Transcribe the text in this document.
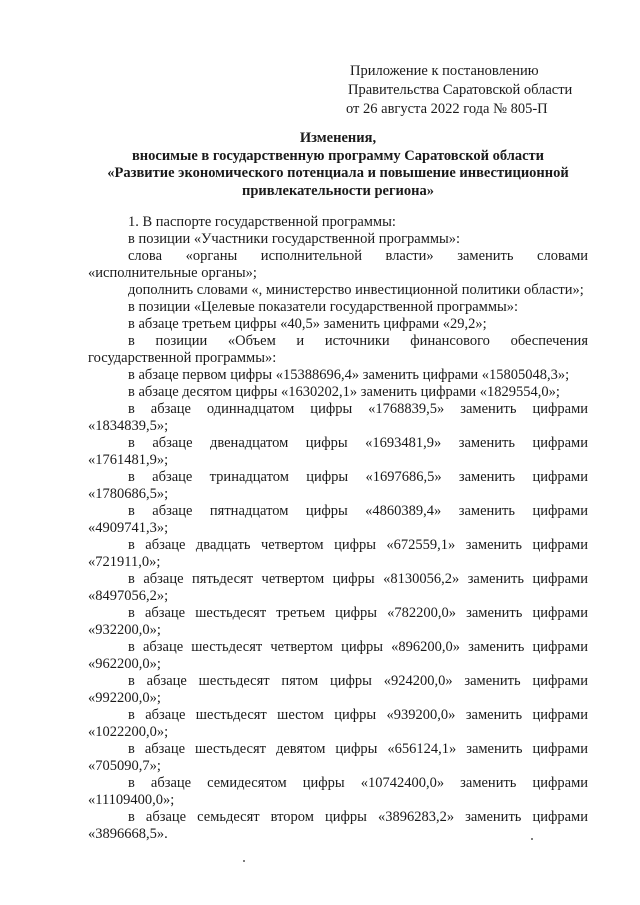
Приложение к постановлению
Правительства Саратовской области
от 26 августа 2022 года № 805-П
Изменения,
вносимые в государственную программу Саратовской области
«Развитие экономического потенциала и повышение инвестиционной
привлекательности региона»

1. В паспорте государственной программы:

в позиции «Участники государственной программы»:

слова «органы исполнительной власти» заменить словами «исполнительные органы»;

дополнить словами «, министерство инвестиционной политики области»;

в позиции «Целевые показатели государственной программы»:

в абзаце третьем цифры «40,5» заменить цифрами «29,2»;

в позиции «Объем и источники финансового обеспечения государственной программы»:

в абзаце первом цифры «15388696,4» заменить цифрами «15805048,3»;

в абзаце десятом цифры «1630202,1» заменить цифрами «1829554,0»;

в абзаце одиннадцатом цифры «1768839,5» заменить цифрами «1834839,5»;

в абзаце двенадцатом цифры «1693481,9» заменить цифрами «1761481,9»;

в абзаце тринадцатом цифры «1697686,5» заменить цифрами «1780686,5»;

в абзаце пятнадцатом цифры «4860389,4» заменить цифрами «4909741,3»;

в абзаце двадцать четвертом цифры «672559,1» заменить цифрами «721911,0»;

в абзаце пятьдесят четвертом цифры «8130056,2» заменить цифрами «8497056,2»;

в абзаце шестьдесят третьем цифры «782200,0» заменить цифрами «932200,0»;

в абзаце шестьдесят четвертом цифры «896200,0» заменить цифрами «962200,0»;

в абзаце шестьдесят пятом цифры «924200,0» заменить цифрами «992200,0»;

в абзаце шестьдесят шестом цифры «939200,0» заменить цифрами «1022200,0»;

в абзаце шестьдесят девятом цифры «656124,1» заменить цифрами «705090,7»;

в абзаце семидесятом цифры «10742400,0» заменить цифрами «11109400,0»;

в абзаце семьдесят втором цифры «3896283,2» заменить цифрами «3896668,5».
